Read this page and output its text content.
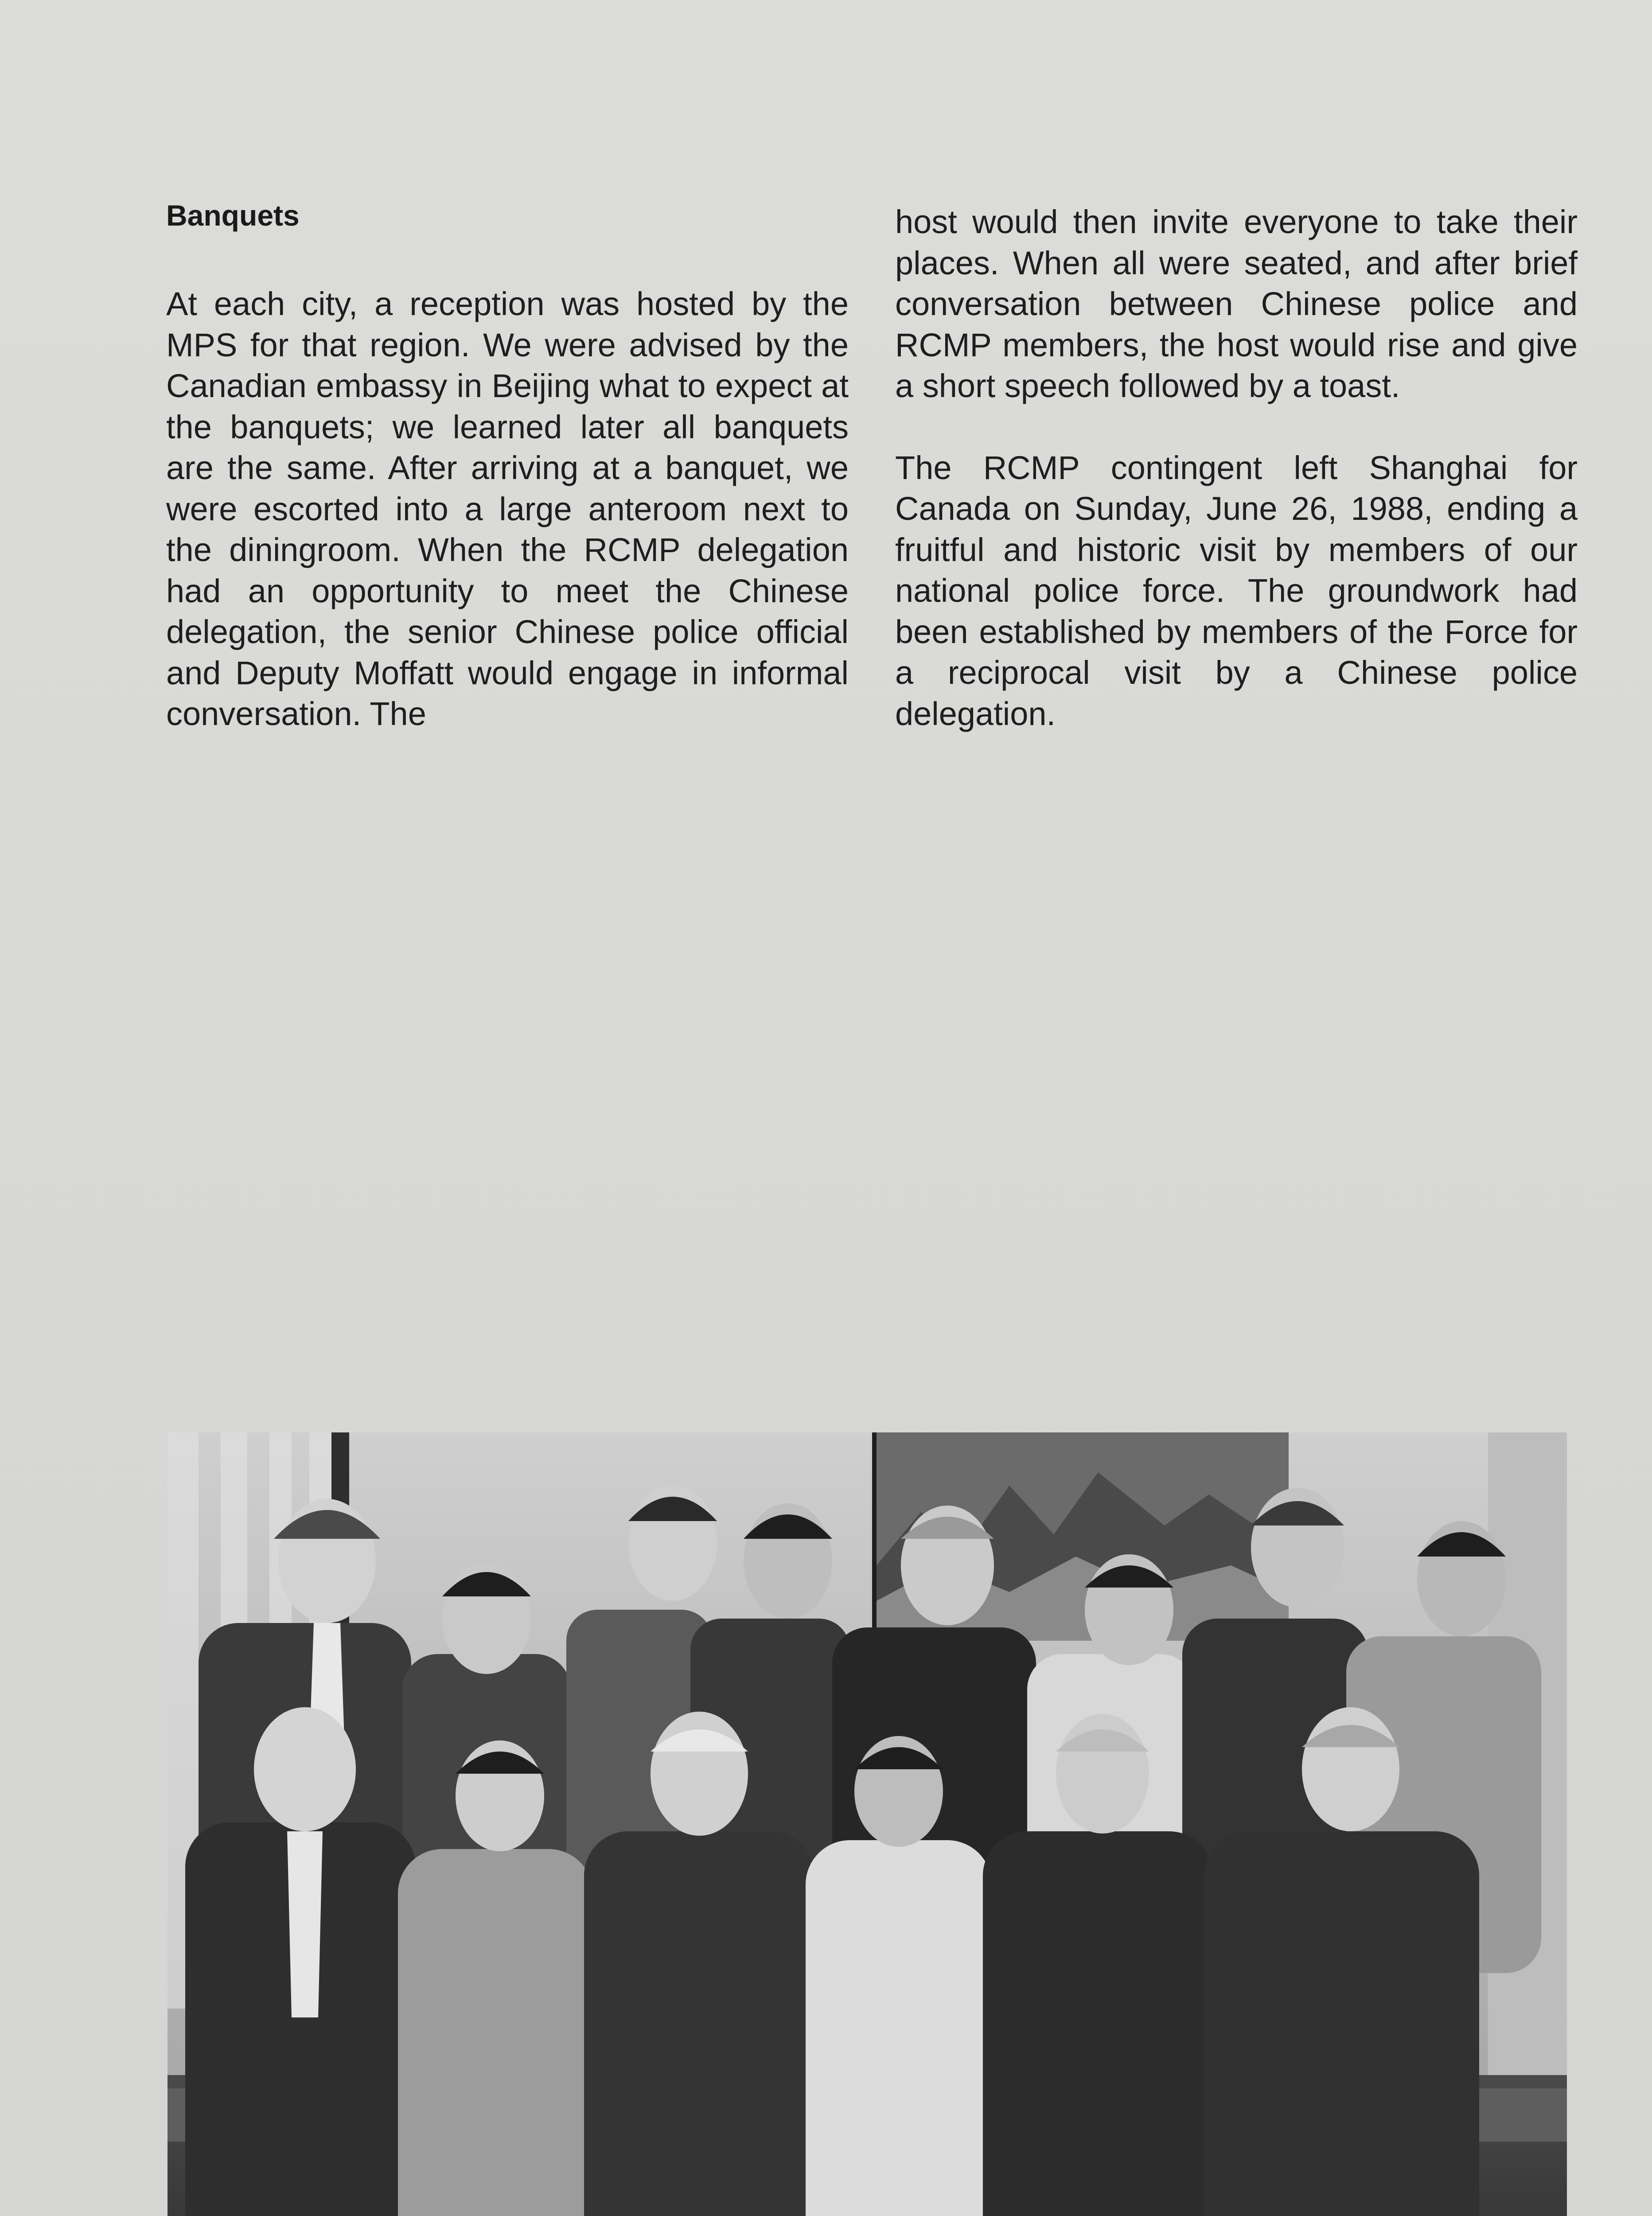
Banquets

At each city, a reception was hosted by the MPS for that region. We were advised by the Canadian embassy in Beijing what to expect at the banquets; we learned later all banquets are the same. After arriving at a banquet, we were escorted into a large anteroom next to the diningroom. When the RCMP delegation had an opportunity to meet the Chinese delegation, the senior Chinese police official and Deputy Moffatt would engage in informal conversation. The

host would then invite everyone to take their places. When all were seated, and after brief conversation between Chinese police and RCMP members, the host would rise and give a short speech followed by a toast.

The RCMP contingent left Shanghai for Canada on Sunday, June 26, 1988, ending a fruitful and historic visit by members of our national police force. The groundwork had been established by members of the Force for a reciprocal visit by a Chinese police delegation.
